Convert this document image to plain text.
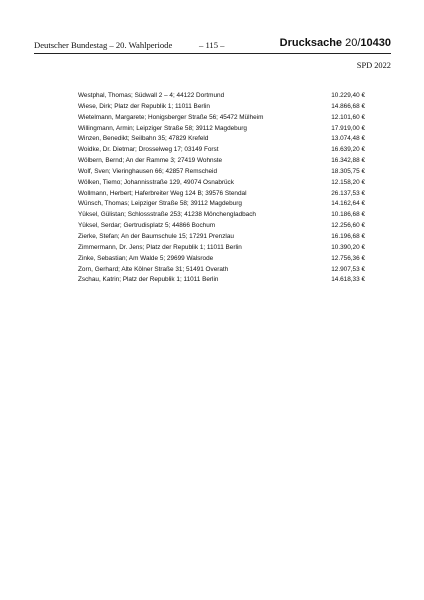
Deutscher Bundestag – 20. Wahlperiode	– 115 –	Drucksache 20/10430
SPD 2022
Westphal, Thomas; Südwall 2 – 4; 44122 Dortmund	10.229,40 €
Wiese, Dirk; Platz der Republik 1; 11011 Berlin	14.866,68 €
Wietelmann, Margarete; Honigsberger Straße 56; 45472 Mülheim	12.101,60 €
Willingmann, Armin; Leipziger Straße 58; 39112 Magdeburg	17.919,00 €
Winzen, Benedikt; Seilbahn 35; 47829 Krefeld	13.074,48 €
Woidke, Dr. Dietmar; Drosselweg 17; 03149 Forst	16.639,20 €
Wölbern, Bernd; An der Ramme 3; 27419 Wohnste	16.342,88 €
Wolf, Sven; Vieringhausen 66; 42857 Remscheid	18.305,75 €
Wölken, Tiemo; Johannisstraße 129, 49074 Osnabrück	12.158,20 €
Wollmann, Herbert; Haferbreiter Weg 124 B; 39576 Stendal	26.137,53 €
Wünsch, Thomas; Leipziger Straße 58; 39112 Magdeburg	14.162,64 €
Yüksel, Gülistan; Schlossstraße 253; 41238 Mönchengladbach	10.186,68 €
Yüksel, Serdar; Gertrudisplatz 5; 44866 Bochum	12.256,60 €
Zierke, Stefan; An der Baumschule 15; 17291 Prenzlau	16.196,68 €
Zimmermann, Dr. Jens; Platz der Republik 1; 11011 Berlin	10.390,20 €
Zinke, Sebastian; Am Walde 5; 29699 Walsrode	12.756,36 €
Zorn, Gerhard; Alte Kölner Straße 31; 51491 Overath	12.907,53 €
Zschau, Katrin; Platz der Republik 1; 11011 Berlin	14.618,33 €
